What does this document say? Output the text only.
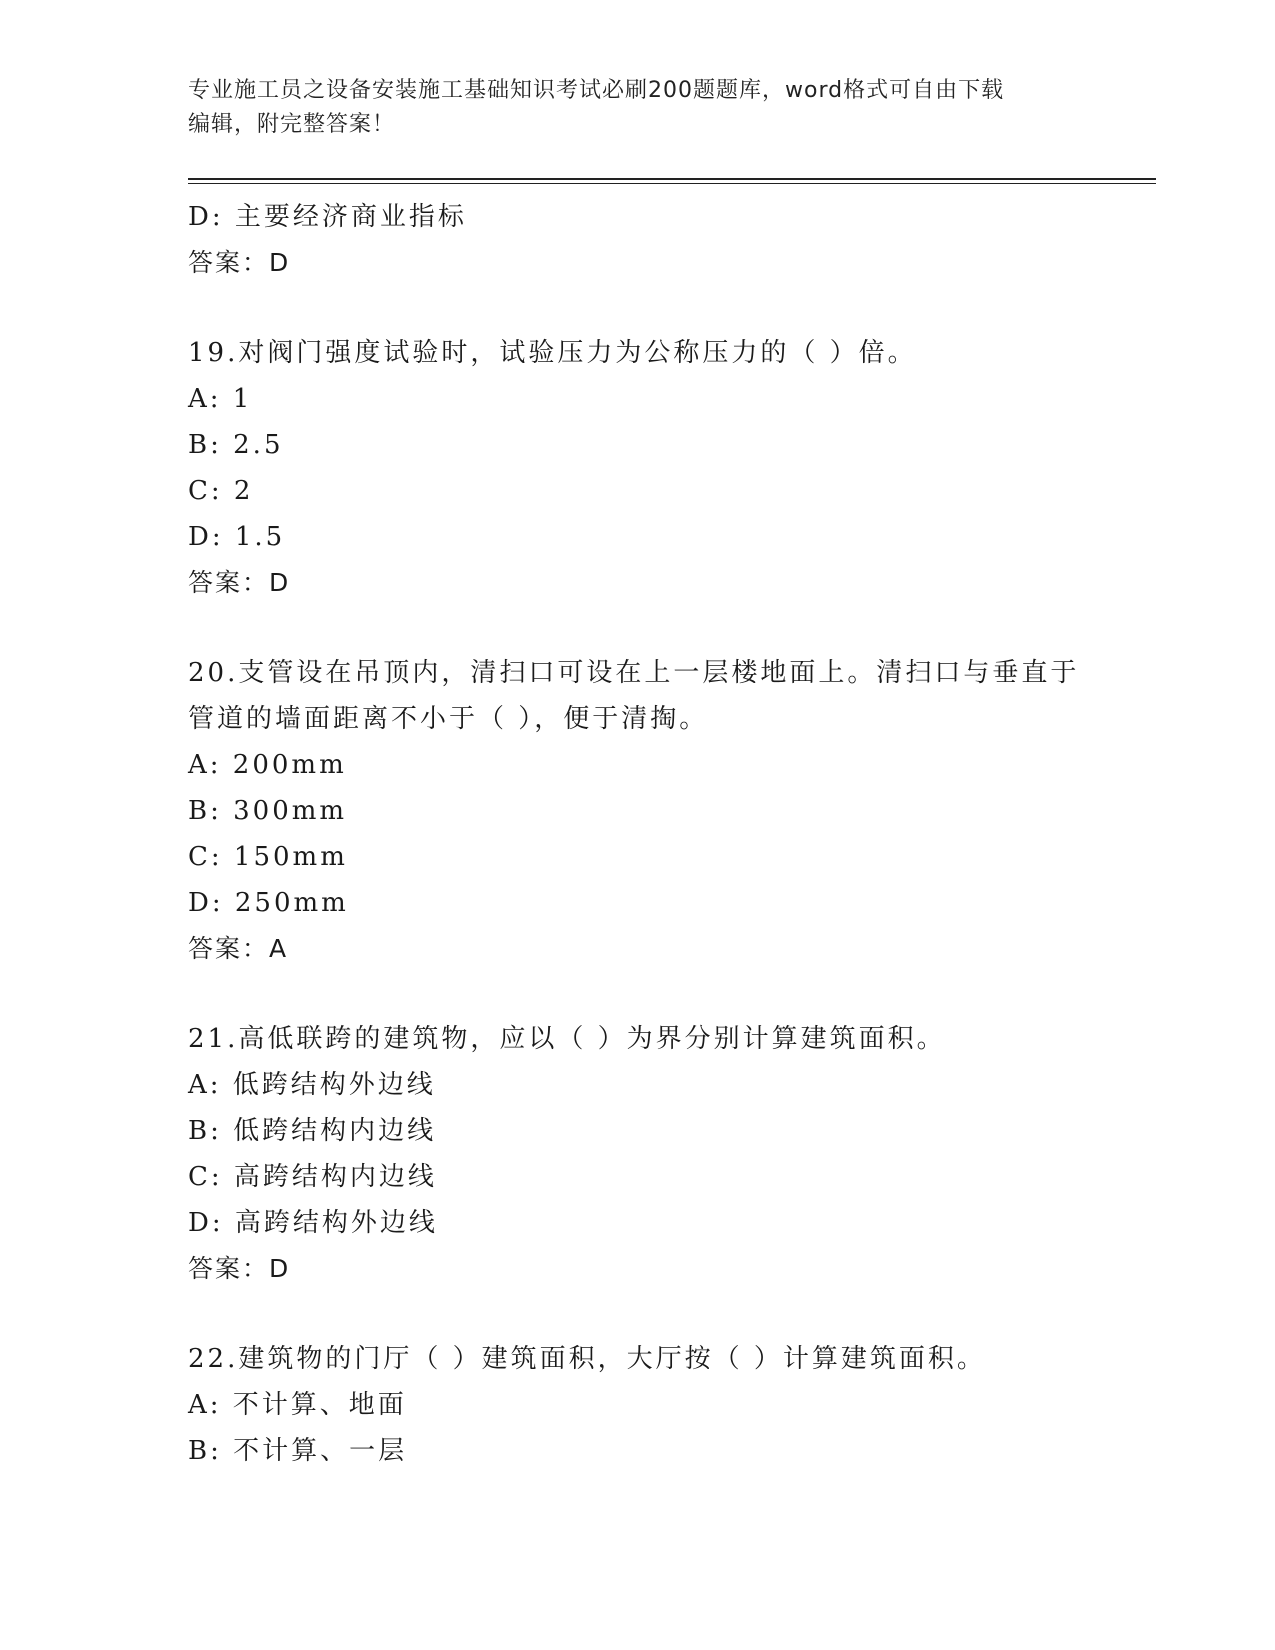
专业施工员之设备安装施工基础知识考试必刷200题题库，word格式可自由下载
编辑，附完整答案！
D: 主要经济商业指标
答案：D
19.对阀门强度试验时，试验压力为公称压力的（ ）倍。
A: 1
B: 2.5
C: 2
D: 1.5
答案：D
20.支管设在吊顶内，清扫口可设在上一层楼地面上。清扫口与垂直于
管道的墙面距离不小于（ ），便于清掏。
A: 200mm
B: 300mm
C: 150mm
D: 250mm
答案：A
21.高低联跨的建筑物，应以（ ）为界分别计算建筑面积。
A: 低跨结构外边线
B: 低跨结构内边线
C: 高跨结构内边线
D: 高跨结构外边线
答案：D
22.建筑物的门厅（ ）建筑面积，大厅按（ ）计算建筑面积。
A: 不计算、地面
B: 不计算、一层
